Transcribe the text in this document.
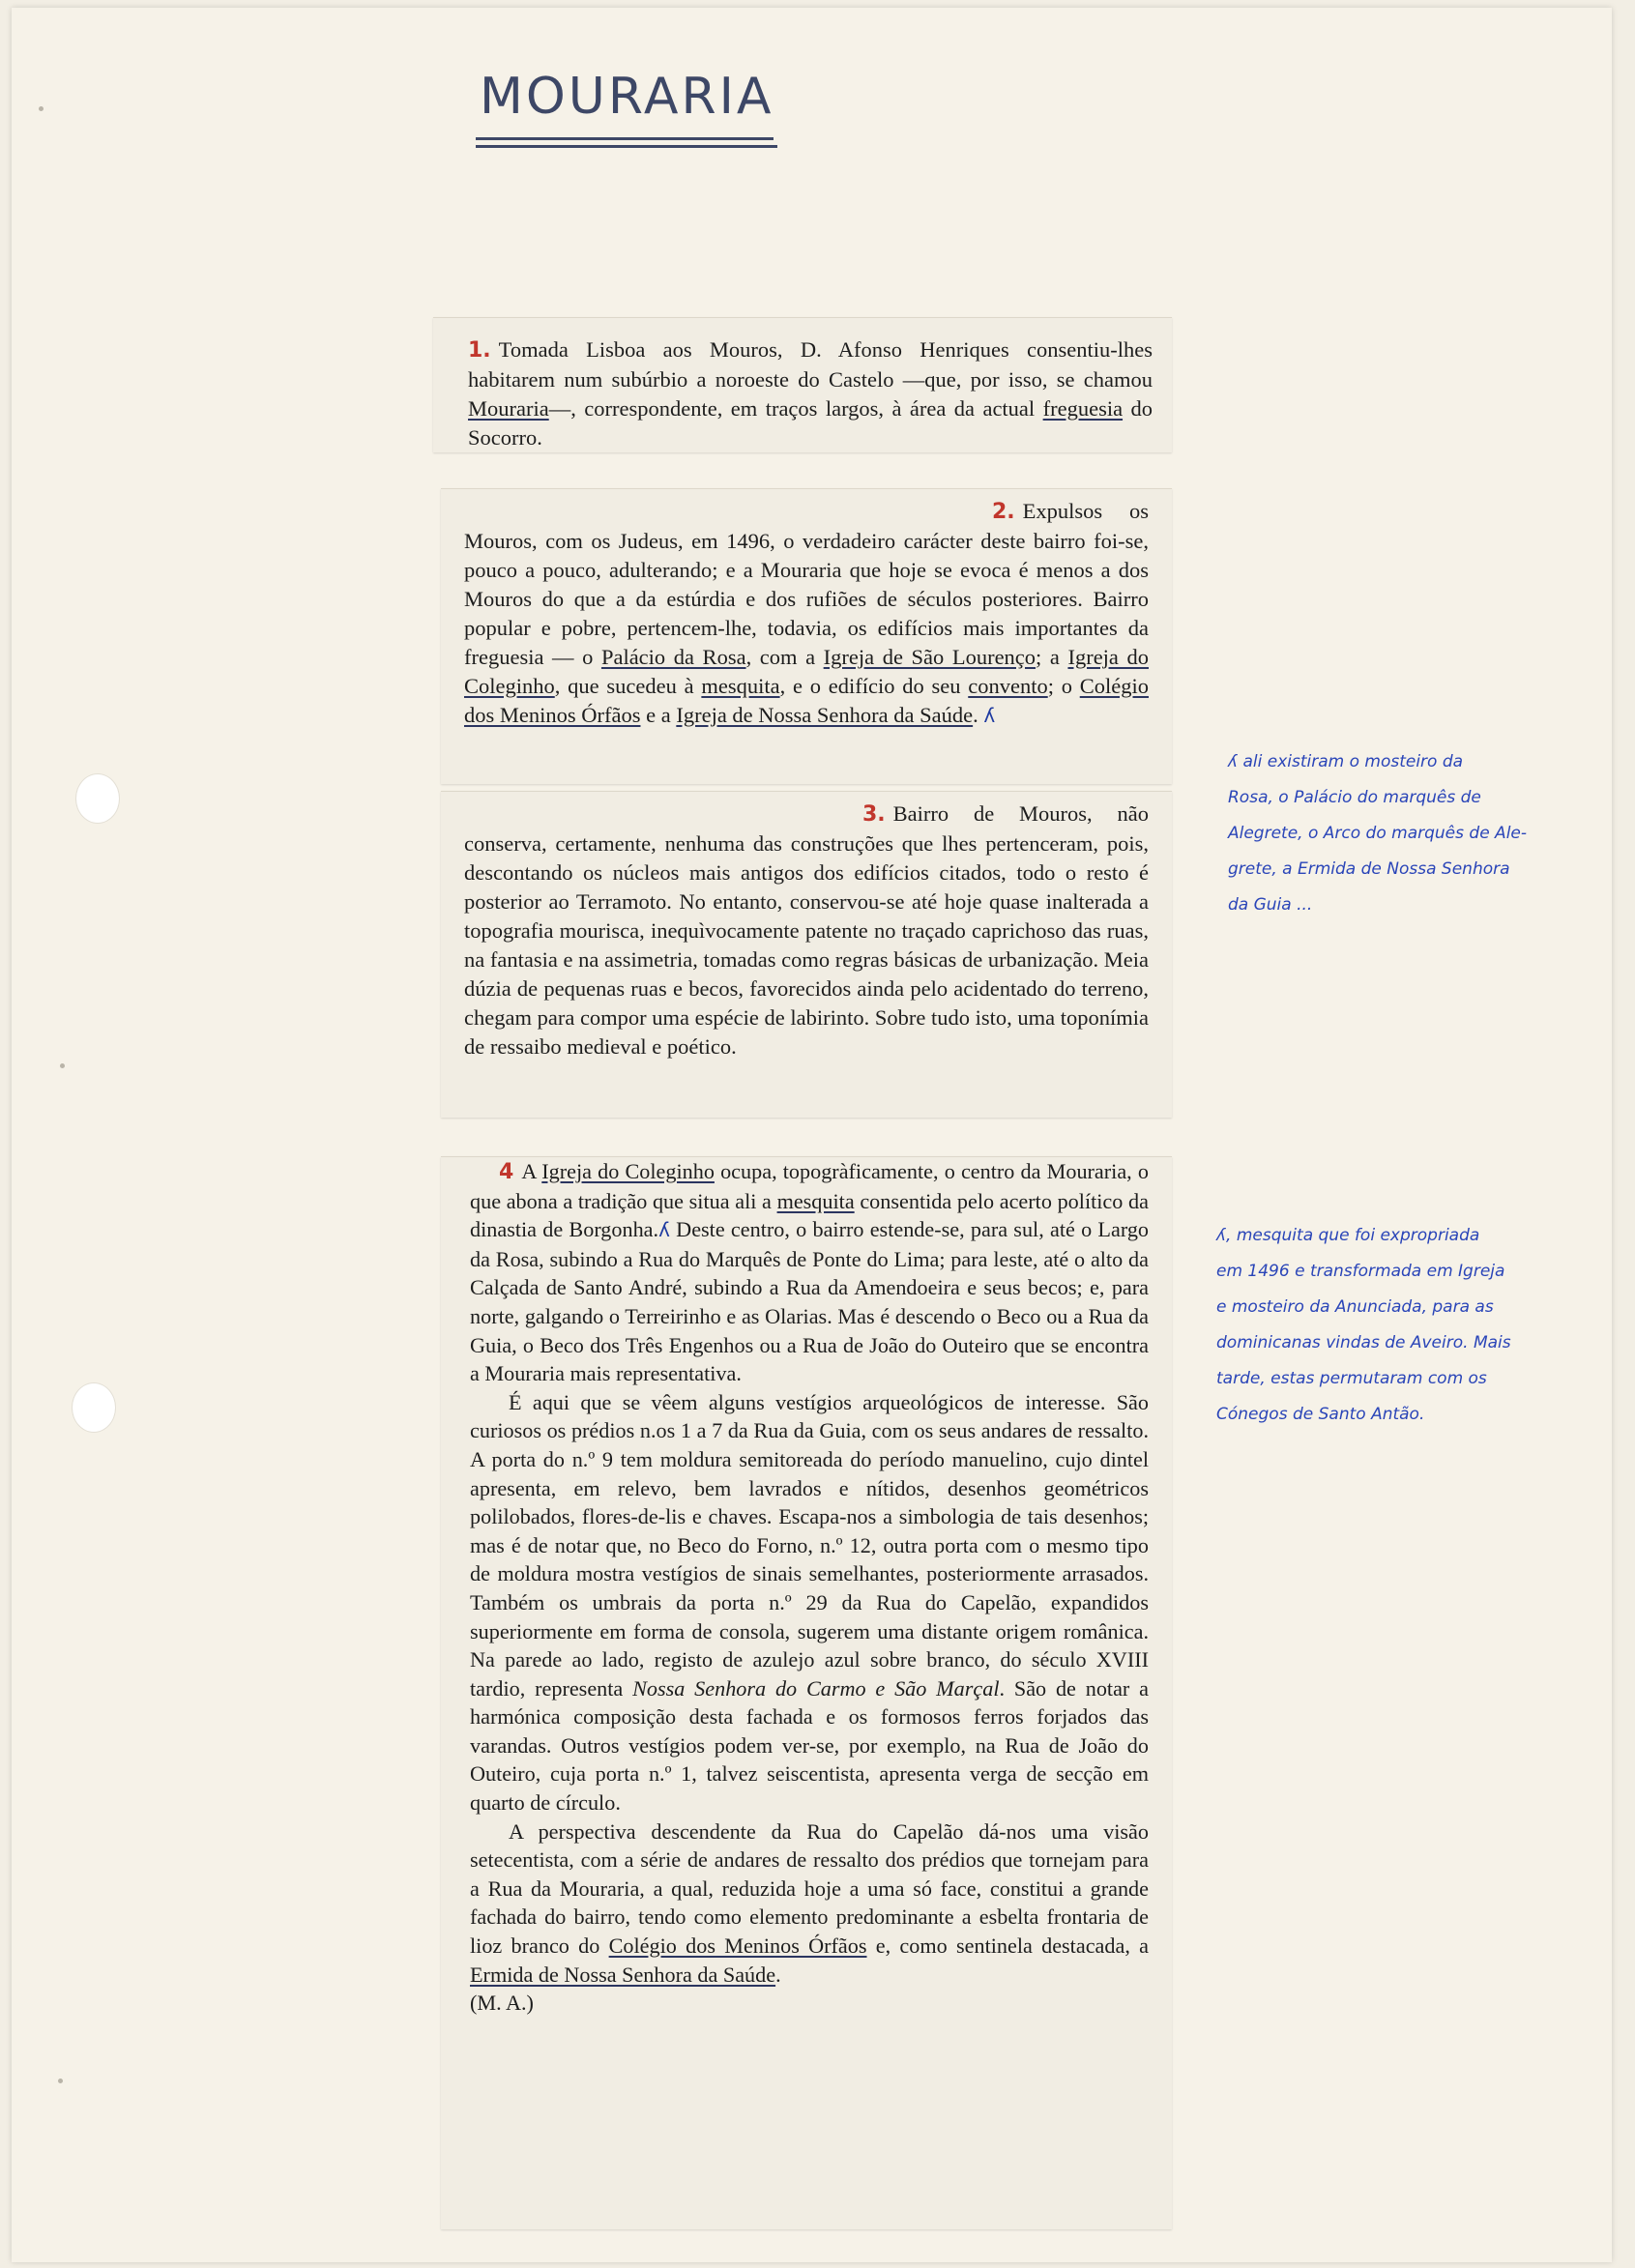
MOURARIA

1. Tomada Lisboa aos Mouros, D. Afonso Henriques consentiu-lhes habitarem num subúrbio a noroeste do Castelo —que, por isso, se chamou Mouraria—, correspondente, em traços largos, à área da actual freguesia do Socorro.

2. Expulsos os Mouros, com os Judeus, em 1496, o verdadeiro carácter deste bairro foi-se, pouco a pouco, adulterando; e a Mouraria que hoje se evoca é menos a dos Mouros do que a da estúrdia e dos rufiões de séculos posteriores. Bairro popular e pobre, pertencem-lhe, todavia, os edifícios mais importantes da freguesia — o Palácio da Rosa, com a Igreja de São Lourenço; a Igreja do Coleginho, que sucedeu à mesquita, e o edifício do seu convento; o Colégio dos Meninos Órfãos e a Igreja de Nossa Senhora da Saúde. ʎ

3. Bairro de Mouros, não conserva, certamente, nenhuma das construções que lhes pertenceram, pois, descontando os núcleos mais antigos dos edifícios citados, todo o resto é posterior ao Terramoto. No entanto, conservou-se até hoje quase inalterada a topografia mourisca, inequìvocamente patente no traçado caprichoso das ruas, na fantasia e na assimetria, tomadas como regras básicas de urbanização. Meia dúzia de pequenas ruas e becos, favorecidos ainda pelo acidentado do terreno, chegam para compor uma espécie de labirinto. Sobre tudo isto, uma toponímia de ressaibo medieval e poético.

4 A Igreja do Coleginho ocupa, topogràficamente, o centro da Mouraria, o que abona a tradição que situa ali a mesquita consentida pelo acerto político da dinastia de Borgonha.ʎ Deste centro, o bairro estende-se, para sul, até o Largo da Rosa, subindo a Rua do Marquês de Ponte do Lima; para leste, até o alto da Calçada de Santo André, subindo a Rua da Amendoeira e seus becos; e, para norte, galgando o Terreirinho e as Olarias. Mas é descendo o Beco ou a Rua da Guia, o Beco dos Três Engenhos ou a Rua de João do Outeiro que se encontra a Mouraria mais representativa.

É aqui que se vêem alguns vestígios arqueológicos de interesse. São curiosos os prédios n.os 1 a 7 da Rua da Guia, com os seus andares de ressalto. A porta do n.º 9 tem moldura semitoreada do período manuelino, cujo dintel apresenta, em relevo, bem lavrados e nítidos, desenhos geométricos polilobados, flores-de-lis e chaves. Escapa-nos a simbologia de tais desenhos; mas é de notar que, no Beco do Forno, n.º 12, outra porta com o mesmo tipo de moldura mostra vestígios de sinais semelhantes, posteriormente arrasados. Também os umbrais da porta n.º 29 da Rua do Capelão, expandidos superiormente em forma de consola, sugerem uma distante origem românica. Na parede ao lado, registo de azulejo azul sobre branco, do século XVIII tardio, representa Nossa Senhora do Carmo e São Marçal. São de notar a harmónica composição desta fachada e os formosos ferros forjados das varandas. Outros vestígios podem ver-se, por exemplo, na Rua de João do Outeiro, cuja porta n.º 1, talvez seiscentista, apresenta verga de secção em quarto de círculo.

A perspectiva descendente da Rua do Capelão dá-nos uma visão setecentista, com a série de andares de ressalto dos prédios que tornejam para a Rua da Mouraria, a qual, reduzida hoje a uma só face, constitui a grande fachada do bairro, tendo como elemento predominante a esbelta frontaria de lioz branco do Colégio dos Meninos Órfãos e, como sentinela destacada, a Ermida de Nossa Senhora da Saúde.

(M. A.)

ʎ ali existiram o mosteiro da
Rosa, o Palácio do marquês de
Alegrete, o Arco do marquês de Ale-
grete, a Ermida de Nossa Senhora
da Guia ...
ʎ, mesquita que foi expropriada
em 1496 e transformada em Igreja
e mosteiro da Anunciada, para as
dominicanas vindas de Aveiro. Mais
tarde, estas permutaram com os
Cónegos de Santo Antão.
